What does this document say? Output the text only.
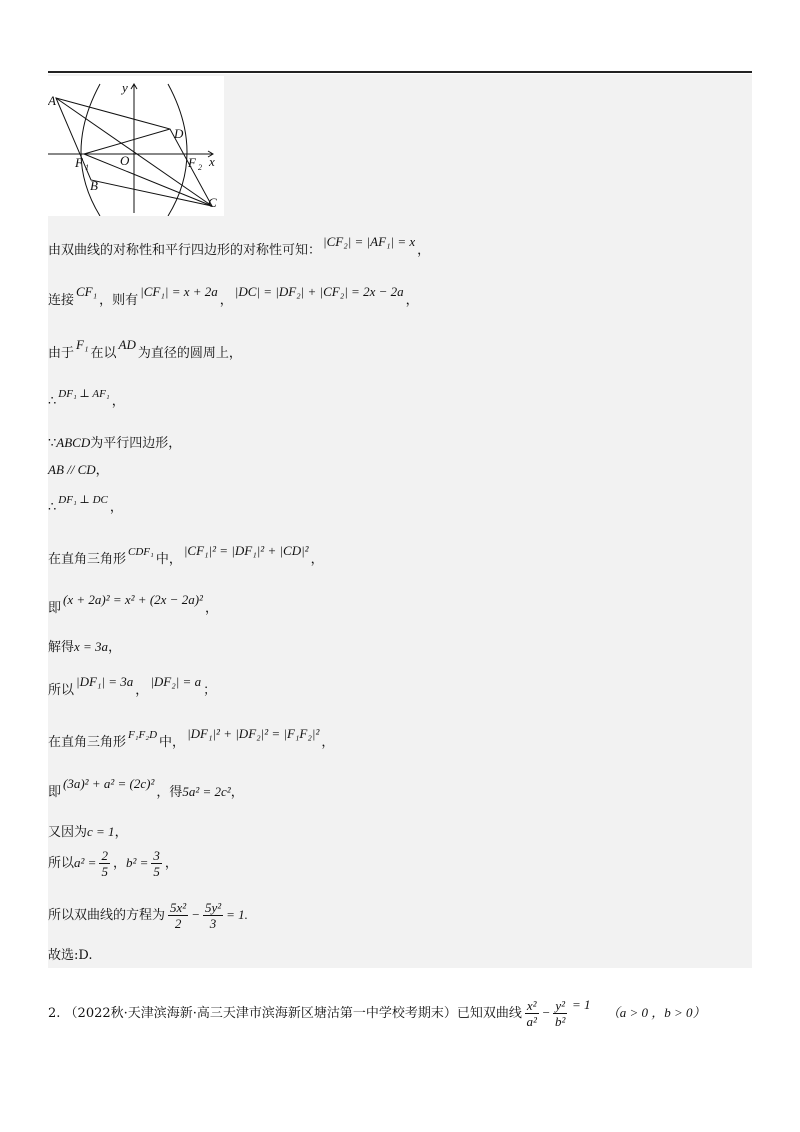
A
B
C
D
O
F 1	F 2 x
y
由双曲线的对称性和平行四边形的对称性可知：|CF₂| = |AF₁| = x，
连接CF₁，则有|CF₁| = x + 2a，|DC| = |DF₂| + |CF₂| = 2x − 2a，
由于F₁在以AD为直径的圆周上，
∴ $^{DF_1 \perp AF_1}$ ，
∵ABCD为平行四边形，
AB // CD，
∴ $^{DF_1 \perp DC}$ ，
在直角三角形 $^{CDF_1}$ 中，|CF₁|² = |DF₁|² + |CD|²，
即(x + 2a)² = x² + (2x − 2a)²，
解得x = 3a，
所以|DF₁| = 3a，|DF₂| = a；
在直角三角形 $^{F_1F_2D}$ 中，|DF₁|² + |DF₂|² = |F₁F₂|²，
即(3a)² + a² = (2c)²，得5a² = 2c²，
又因为c = 1，
所以$a^2 = \frac{2}{5}$ ，$b^2 = \frac{3}{5}$ ，
所以双曲线的方程为 $\frac{\text{5x²}}{2} - \frac{\text{5y²}}{3} = 1$.
故选:D.
2. （2022秋·天津滨海新·高三天津市滨海新区塘沽第一中学校考期末）已知双曲线 $\frac{\text{x²}}{\text{a²}} - \frac{\text{y²}}{\text{b²}} = 1$ （a > 0 ，b > 0）
